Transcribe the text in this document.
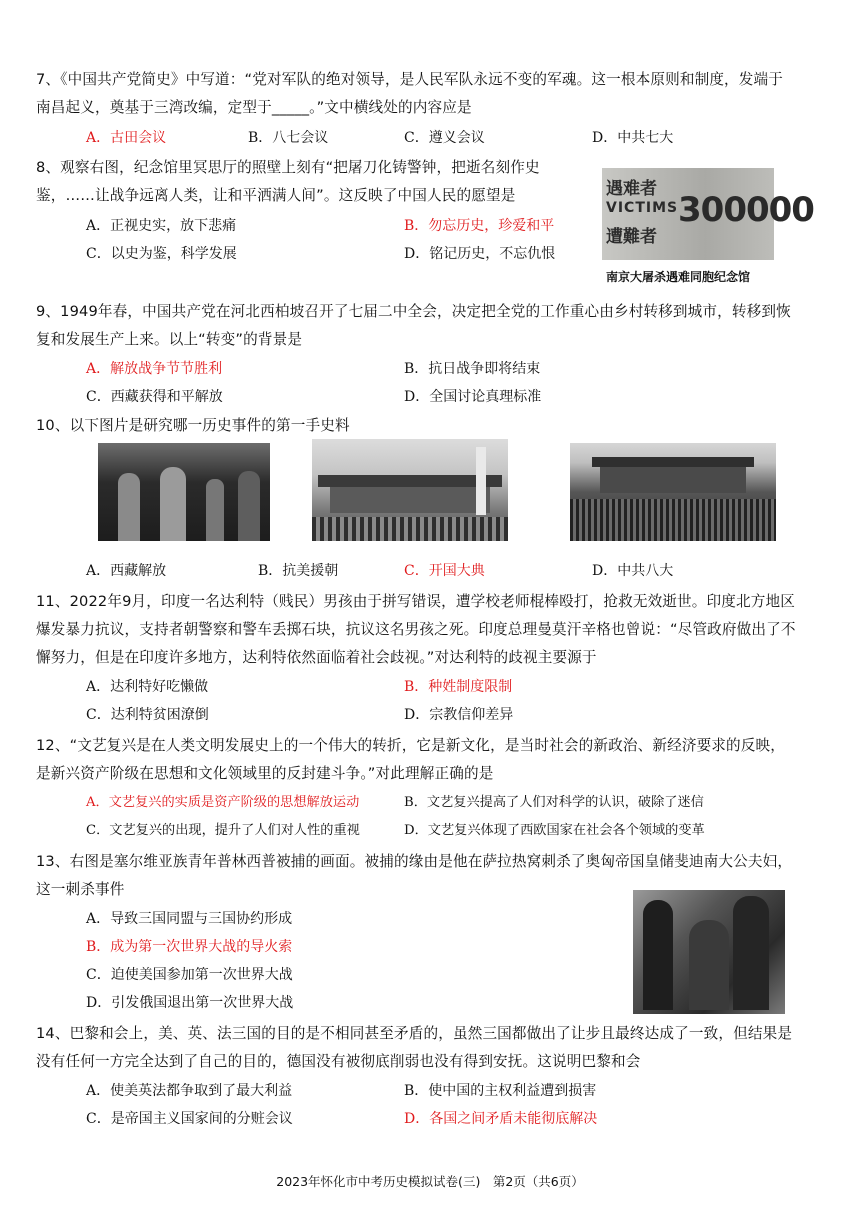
7、《中国共产党简史》中写道：“党对军队的绝对领导，是人民军队永远不变的军魂。这一根本原则和制度，发端于南昌起义，奠基于三湾改编，定型于_____。”文中横线处的内容应是
A．古田会议	B．八七会议	C．遵义会议	D．中共七大
8、观察右图，纪念馆里冥思厅的照壁上刻有“把屠刀化铸警钟，把逝名刻作史鉴，……让战争远离人类，让和平洒满人间”。这反映了中国人民的愿望是
A．正视史实，放下悲痛	B．勿忘历史，珍爱和平
C．以史为鉴，科学发展	D．铭记历史，不忘仇恨
遇难者
VICTIMS
遭難者
300000
南京大屠杀遇难同胞纪念馆
9、1949年春，中国共产党在河北西柏坡召开了七届二中全会，决定把全党的工作重心由乡村转移到城市，转移到恢复和发展生产上来。以上“转变”的背景是
A．解放战争节节胜利	B．抗日战争即将结束
C．西藏获得和平解放	D．全国讨论真理标准
10、以下图片是研究哪一历史事件的第一手史料
A．西藏解放	B．抗美援朝	C．开国大典	D．中共八大
11、2022年9月，印度一名达利特（贱民）男孩由于拼写错误，遭学校老师棍棒殴打，抢救无效逝世。印度北方地区爆发暴力抗议，支持者朝警察和警车丢掷石块，抗议这名男孩之死。印度总理曼莫汗辛格也曾说：“尽管政府做出了不懈努力，但是在印度许多地方，达利特依然面临着社会歧视。”对达利特的歧视主要源于
A．达利特好吃懒做	B．种姓制度限制
C．达利特贫困潦倒	D．宗教信仰差异
12、“文艺复兴是在人类文明发展史上的一个伟大的转折，它是新文化，是当时社会的新政治、新经济要求的反映，是新兴资产阶级在思想和文化领域里的反封建斗争。”对此理解正确的是
A．文艺复兴的实质是资产阶级的思想解放运动	B．文艺复兴提高了人们对科学的认识，破除了迷信
C．文艺复兴的出现，提升了人们对人性的重视	D．文艺复兴体现了西欧国家在社会各个领域的变革
13、右图是塞尔维亚族青年普林西普被捕的画面。被捕的缘由是他在萨拉热窝刺杀了奥匈帝国皇储斐迪南大公夫妇，这一刺杀事件
A．导致三国同盟与三国协约形成
B．成为第一次世界大战的导火索
C．迫使美国参加第一次世界大战
D．引发俄国退出第一次世界大战
14、巴黎和会上，美、英、法三国的目的是不相同甚至矛盾的，虽然三国都做出了让步且最终达成了一致，但结果是没有任何一方完全达到了自己的目的，德国没有被彻底削弱也没有得到安抚。这说明巴黎和会
A．使美英法都争取到了最大利益	B．使中国的主权利益遭到损害
C．是帝国主义国家间的分赃会议	D．各国之间矛盾未能彻底解决
2023年怀化市中考历史模拟试卷(三)　第2页（共6页）
